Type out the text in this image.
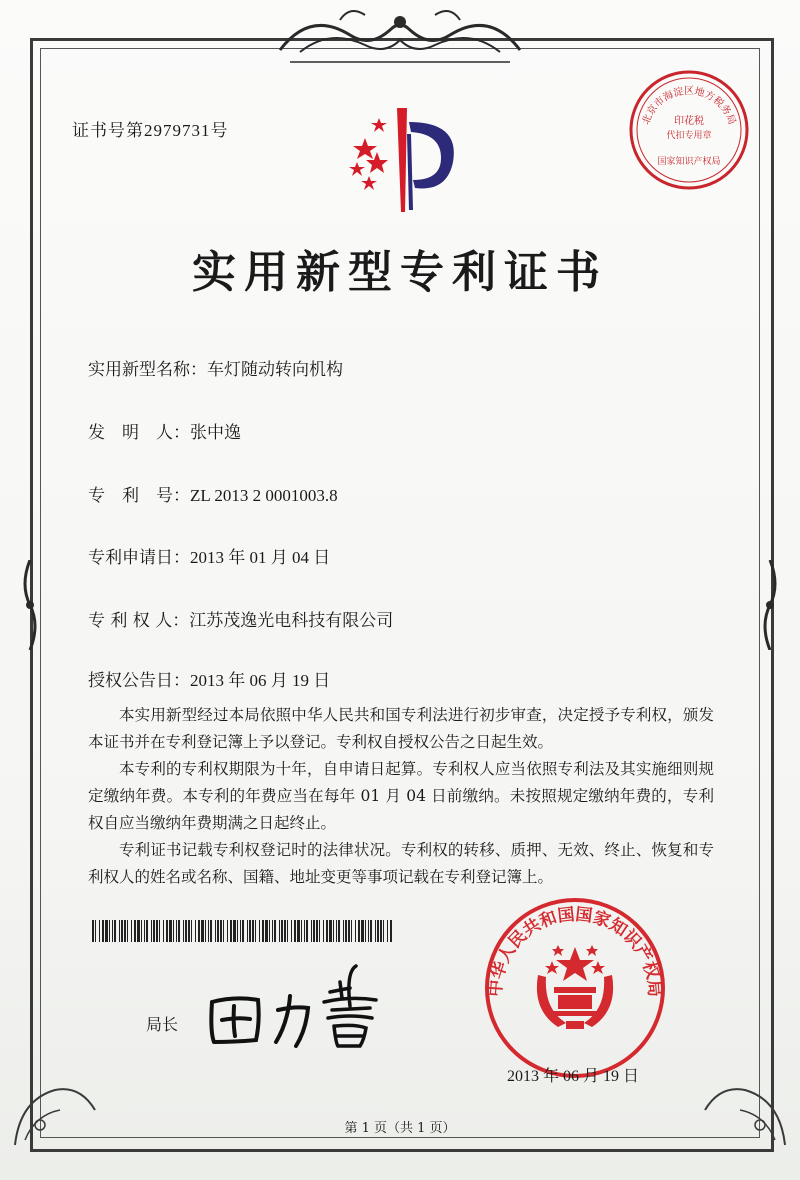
证书号第2979731号
北京市海淀区地方税务局
印花税
代扣专用章
国家知识产权局
实用新型专利证书
实用新型名称：车灯随动转向机构
发　明　人：张中逸
专　利　号：ZL 2013 2 0001003.8
专利申请日：2013 年 01 月 04 日
专 利 权 人：江苏茂逸光电科技有限公司
授权公告日：2013 年 06 月 19 日

本实用新型经过本局依照中华人民共和国专利法进行初步审查，决定授予专利权，颁发本证书并在专利登记簿上予以登记。专利权自授权公告之日起生效。

本专利的专利权期限为十年，自申请日起算。专利权人应当依照专利法及其实施细则规定缴纳年费。本专利的年费应当在每年 01 月 04 日前缴纳。未按照规定缴纳年费的，专利权自应当缴纳年费期满之日起终止。

专利证书记载专利权登记时的法律状况。专利权的转移、质押、无效、终止、恢复和专利权人的姓名或名称、国籍、地址变更等事项记载在专利登记簿上。

局长
中华人民共和国国家知识产权局
2013 年 06 月 19 日
第 1 页（共 1 页）
